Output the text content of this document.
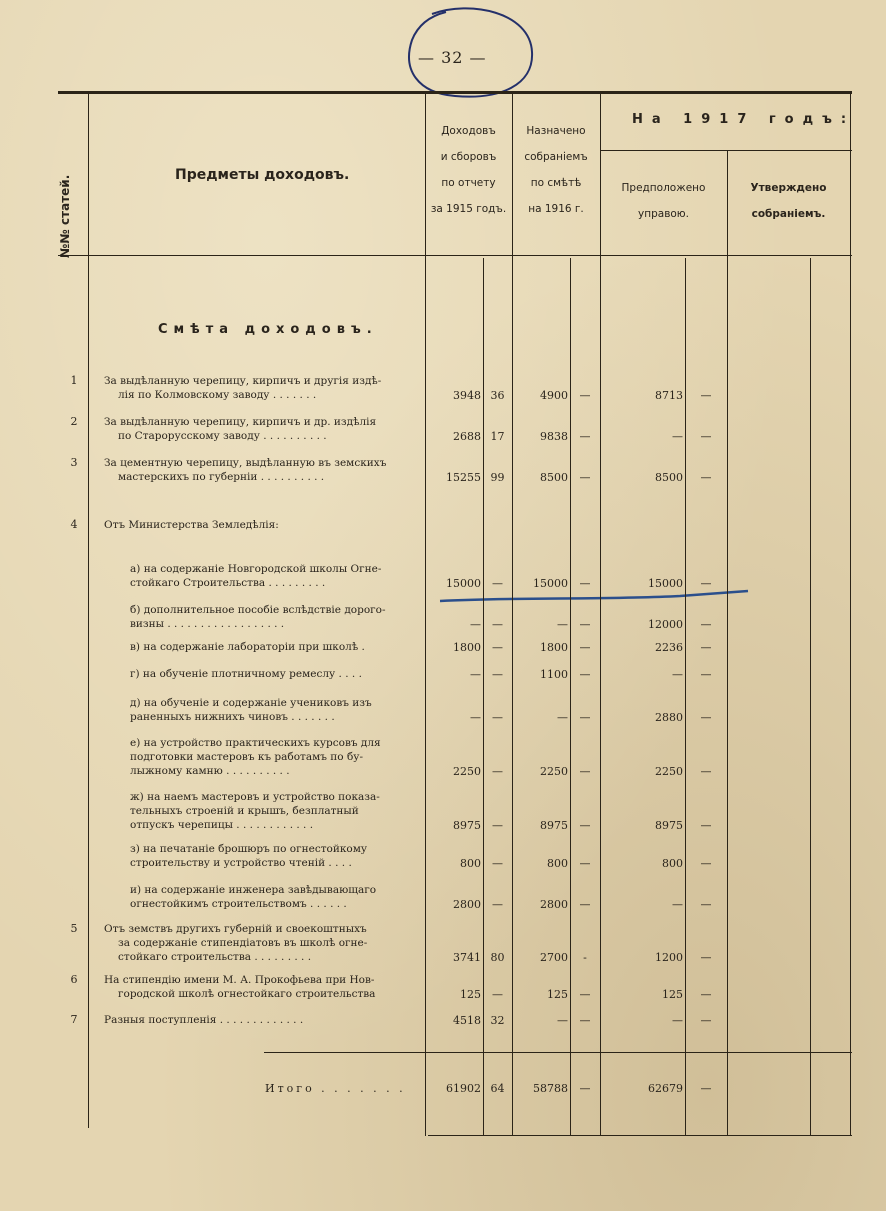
— 32 —
№№ статей.	Предметы доходовъ.
Доходовъ
и сборовъ
по отчету
за 1915 годъ.
Назначено
собраніемъ
по смѣтѣ
на 1916 г.
На 1917 годъ:
Предположено
управою.
Утверждено
собраніемъ.
Смѣта доходовъ.
1	За выдѣланную черепицу, кирпичъ и другія издѣ-
лія по Колмовскому заводу . . . . . . .	3948 36	4900	—	8713	—
2	За выдѣланную черепицу, кирпичъ и др. издѣлія
по Старорусскому заводу . . . . . . . . . .	2688 17	9838	—	—	—
3	За цементную черепицу, выдѣланную въ земскихъ
мастерскихъ по губерніи . . . . . . . . . .	15255 99	8500	—	8500	—
4	Отъ Министерства Земледѣлія:
а) на содержаніе Новгородской школы Огне-
стойкаго Строительства . . . . . . . . .	15000	—	15000	—	15000	—
б) дополнительное пособіе вслѣдствіе дорого-
визны . . . . . . . . . . . . . . . . . .	—	—	—	—	12000	—
в) на содержаніе лабораторіи при школѣ .	1800	—	1800	—	2236	—
г) на обученіе плотничному ремеслу . . . .	—	—	1100	—	—	—
д) на обученіе и содержаніе учениковъ изъ
раненныхъ нижнихъ чиновъ . . . . . . .	—	—	—	—	2880	—
е) на устройство практическихъ курсовъ для
подготовки мастеровъ къ работамъ по бу-
лыжному камню . . . . . . . . . .	2250	—	2250	—	2250	—
ж) на наемъ мастеровъ и устройство показа-
тельныхъ строеній и крышъ, безплатный
отпускъ черепицы . . . . . . . . . . . .	8975	—	8975	—	8975	—
з) на печатаніе брошюръ по огнестойкому
строительству и устройство чтеній . . . .	800	—	800	—	800	—
и) на содержаніе инженера завѣдывающаго
огнестойкимъ строительствомъ . . . . . .	2800	—	2800	—	—	—
5	Отъ земствъ другихъ губерній и своекоштныхъ
за содержаніе стипендіатовъ въ школѣ огне-
стойкаго строительства . . . . . . . . .	3741 80	2700	-	1200	—
6	На стипендію имени М. А. Прокофьева при Нов-
городской школѣ огнестойкаго строительства	125	—	125	—	125	—
7	Разныя поступленія . . . . . . . . . . . . .	4518 32	—	—	—	—
Итого . . . . . . .	61902 64	58788	—	62679	—
